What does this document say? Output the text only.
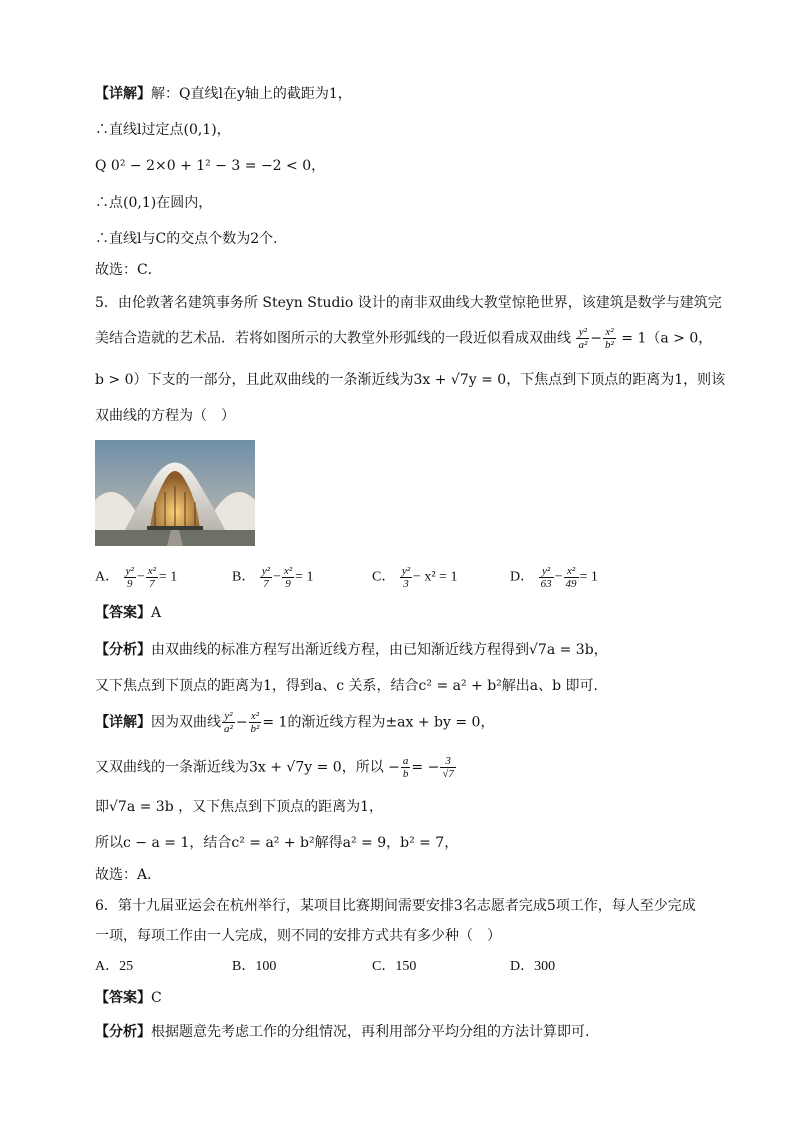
【详解】解：Q直线l在y轴上的截距为1，
∴直线l过定点(0,1)，
Q 0² − 2×0 + 1² − 3 = −2 < 0，
∴点(0,1)在圆内，
∴直线l与C的交点个数为2个．
故选：C．
5．由伦敦著名建筑事务所 Steyn Studio 设计的南非双曲线大教堂惊艳世界，该建筑是数学与建筑完
美结合造就的艺术品．若将如图所示的大教堂外形弧线的一段近似看成双曲线 $\frac{\text{y²}}{\text{a²}} - \frac{\text{x²}}{\text{b²}} = 1(a > 0$，
b > 0）下支的一部分，且此双曲线的一条渐近线为3x + √7y = 0，下焦点到下顶点的距离为1，则该
双曲线的方程为（　）
A． $\frac{\text{y²}}{9} - \frac{\text{x²}}{7} = 1$	B． $\frac{\text{y²}}{7} - \frac{\text{x²}}{9} = 1$	C． $\frac{\text{y²}}{3} - x^2 = 1$	D． $\frac{\text{y²}}{63} - \frac{\text{x²}}{49} = 1$
【答案】A
【分析】由双曲线的标准方程写出渐近线方程，由已知渐近线方程得到√7a = 3b，
又下焦点到下顶点的距离为1，得到a、c 关系，结合c² = a² + b²解出a、b 即可.
【详解】因为双曲线 $\frac{\text{y²}}{\text{a²}} - \frac{\text{x²}}{\text{b²}} = 1$的渐近线方程为±ax + by = 0，
又双曲线的一条渐近线为3x + √7y = 0，所以 − $\frac{a}{b}$ = − $\frac{3}{√7}$
即√7a = 3b ，又下焦点到下顶点的距离为1，
所以c − a = 1，结合c² = a² + b²解得a² = 9，b² = 7，
故选：A．
6．第十九届亚运会在杭州举行，某项目比赛期间需要安排3名志愿者完成5项工作，每人至少完成
一项，每项工作由一人完成，则不同的安排方式共有多少种（　）
A．25	B．100	C．150	D．300
【答案】C
【分析】根据题意先考虑工作的分组情况，再利用部分平均分组的方法计算即可.
